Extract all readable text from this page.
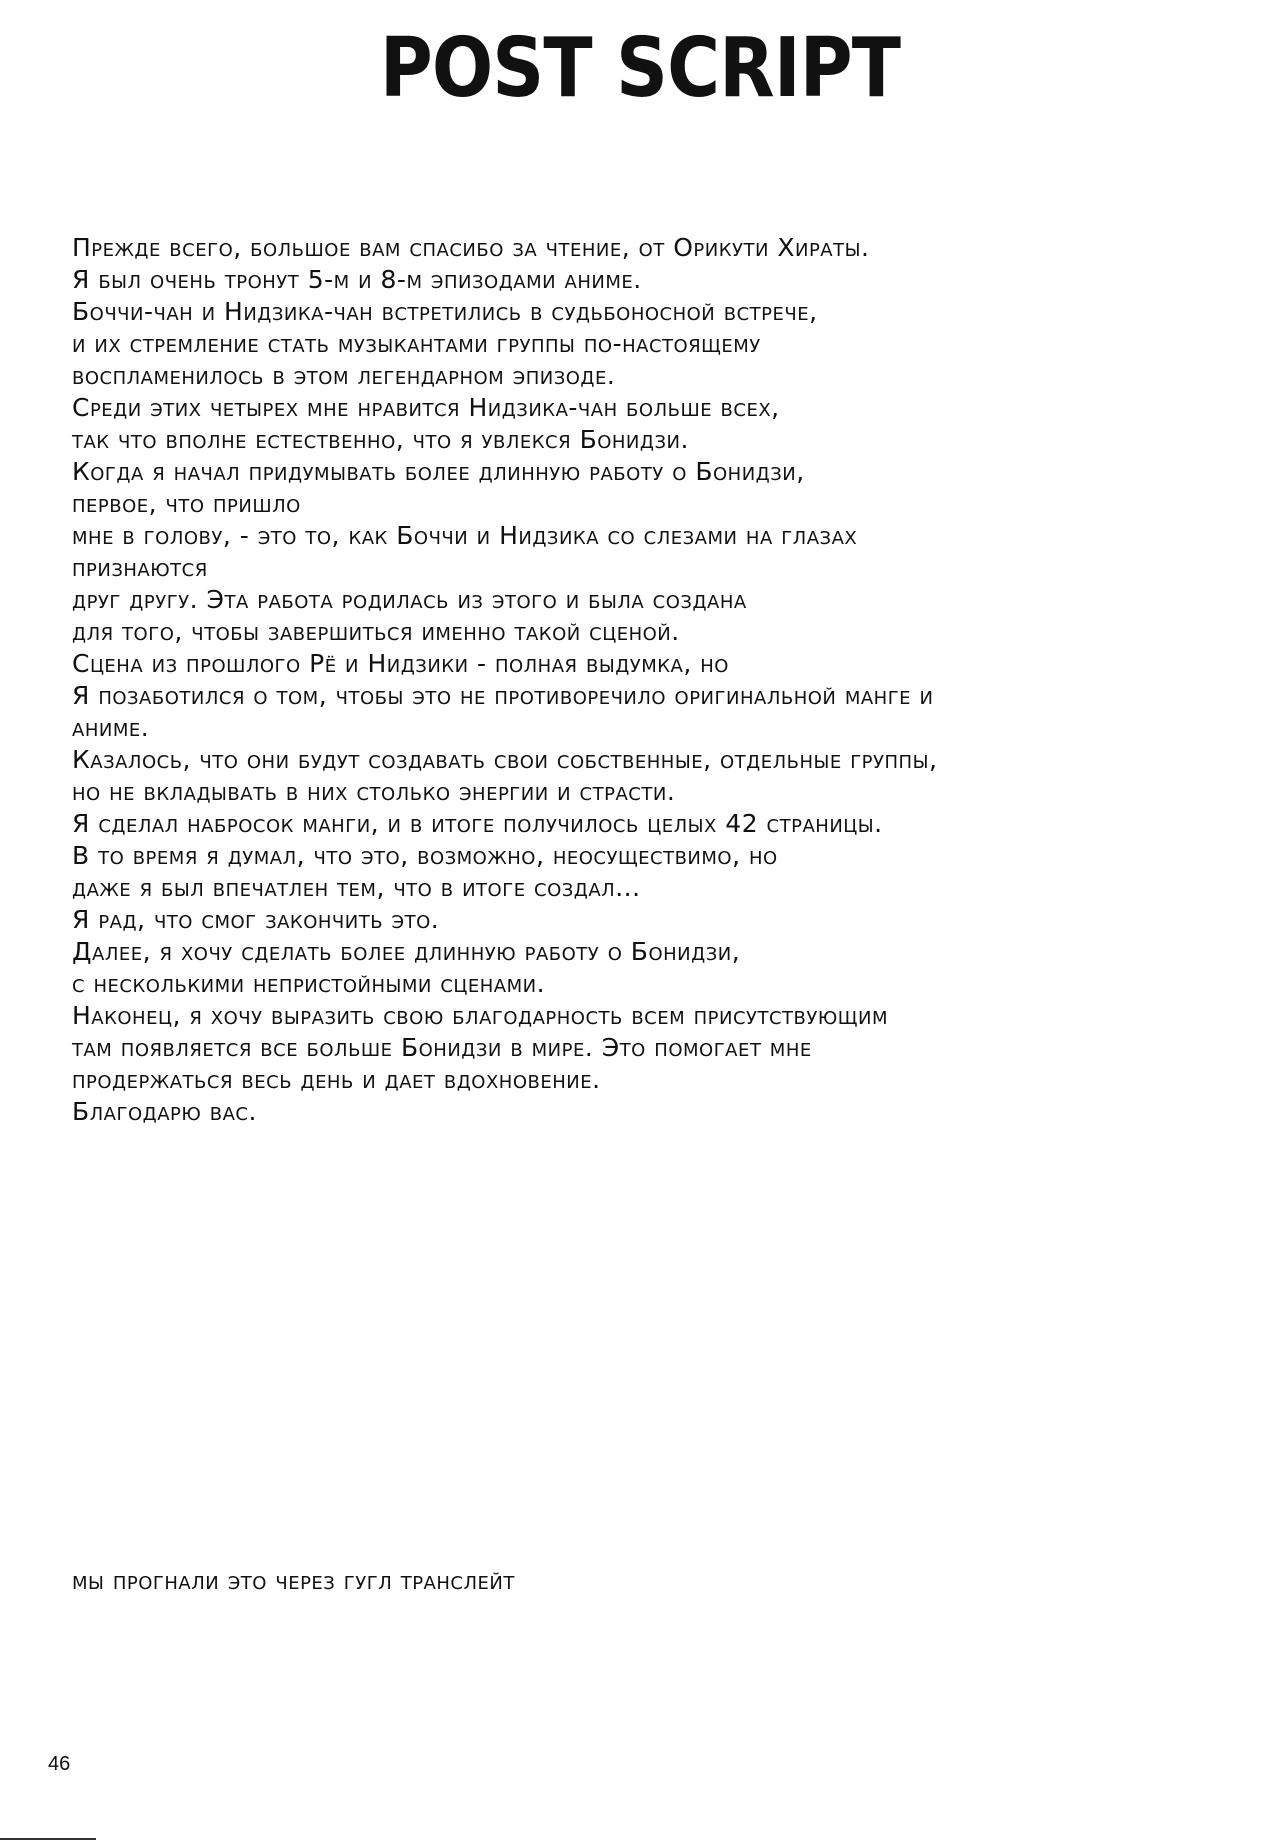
POST SCRIPT
Прежде всего, большое вам спасибо за чтение, от Орикути Хираты.
Я был очень тронут 5-м и 8-м эпизодами аниме.
Боччи-чан и Нидзика-чан встретились в судьбоносной встрече,
и их стремление стать музыкантами группы по-настоящему
воспламенилось в этом легендарном эпизоде.
Среди этих четырех мне нравится Нидзика-чан больше всех,
так что вполне естественно, что я увлекся Бонидзи.
Когда я начал придумывать более длинную работу о Бонидзи,
первое, что пришло
мне в голову, - это то, как Боччи и Нидзика со слезами на глазах
признаются
друг другу. Эта работа родилась из этого и была создана
для того, чтобы завершиться именно такой сценой.
Сцена из прошлого Рё и Нидзики - полная выдумка, но
Я позаботился о том, чтобы это не противоречило оригинальной манге и
аниме.
Казалось, что они будут создавать свои собственные, отдельные группы,
но не вкладывать в них столько энергии и страсти.
Я сделал набросок манги, и в итоге получилось целых 42 страницы.
В то время я думал, что это, возможно, неосуществимо, но
даже я был впечатлен тем, что в итоге создал...
Я рад, что смог закончить это.
Далее, я хочу сделать более длинную работу о Бонидзи,
с несколькими непристойными сценами.
Наконец, я хочу выразить свою благодарность всем присутствующим
там появляется все больше Бонидзи в мире. Это помогает мне
продержаться весь день и дает вдохновение.
Благодарю вас.
мы прогнали это через гугл транслейт
46
